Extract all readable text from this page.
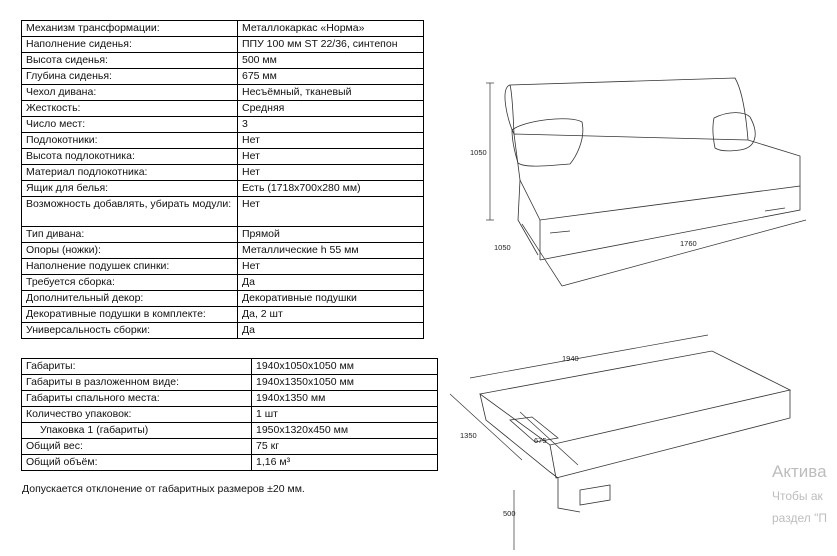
Механизм трансформации:	Металлокаркас «Норма»
Наполнение сиденья:	ППУ 100 мм ST 22/36, синтепон
Высота сиденья:	500 мм
Глубина сиденья:	675 мм
Чехол дивана:	Несъёмный, тканевый
Жесткость:	Средняя
Число мест:	3
Подлокотники:	Нет
Высота подлокотника:	Нет
Материал подлокотника:	Нет
Ящик для белья:	Есть (1718x700x280 мм)
Возможность добавлять, убирать модули:	Нет
Тип дивана:	Прямой
Опоры (ножки):	Металлические h 55 мм
Наполнение подушек спинки:	Нет
Требуется сборка:	Да
Дополнительный декор:	Декоративные подушки
Декоративные подушки в комплекте:	Да, 2 шт
Универсальность сборки:	Да
Габариты:	1940x1050x1050 мм
Габариты в разложенном виде:	1940x1350x1050 мм
Габариты спального места:	1940x1350 мм
Количество упаковок:	1 шт
Упаковка 1 (габариты)	1950x1320x450 мм
Общий вес:	75 кг
Общий объём:	1,16 м³
Допускается отклонение от габаритных размеров ±20 мм.
1050
1050	1760
1940
1350
675
500
Актива
Чтобы ак
раздел "П
